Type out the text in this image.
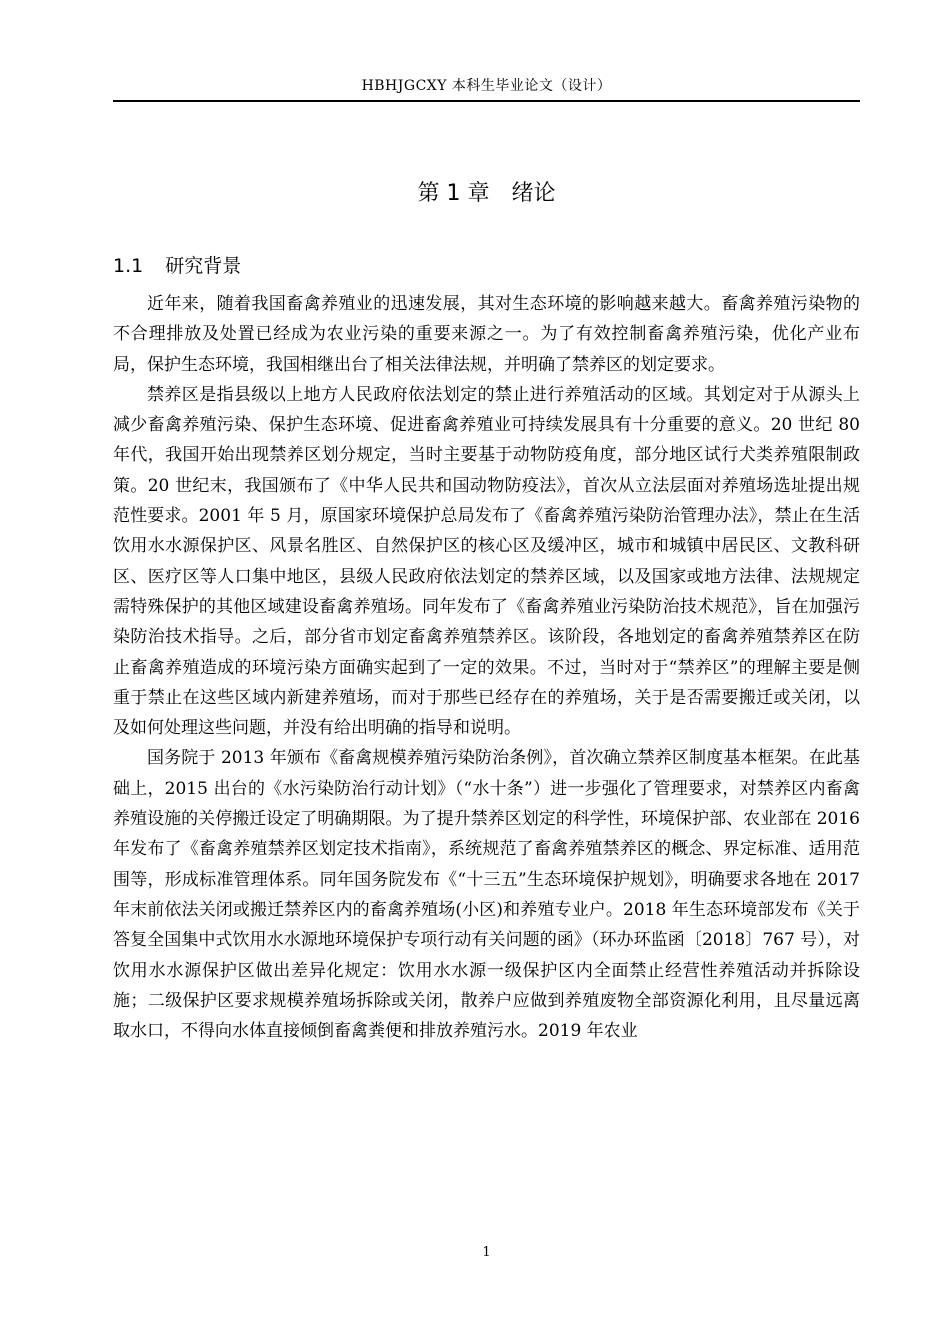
HBHJGCXY 本科生毕业论文（设计）
第 1 章 绪论
1.1 研究背景

近年来，随着我国畜禽养殖业的迅速发展，其对生态环境的影响越来越大。畜禽养殖污染物的不合理排放及处置已经成为农业污染的重要来源之一。为了有效控制畜禽养殖污染，优化产业布局，保护生态环境，我国相继出台了相关法律法规，并明确了禁养区的划定要求。

禁养区是指县级以上地方人民政府依法划定的禁止进行养殖活动的区域。其划定对于从源头上减少畜禽养殖污染、保护生态环境、促进畜禽养殖业可持续发展具有十分重要的意义。20 世纪 80 年代，我国开始出现禁养区划分规定，当时主要基于动物防疫角度，部分地区试行犬类养殖限制政策。20 世纪末，我国颁布了《中华人民共和国动物防疫法》，首次从立法层面对养殖场选址提出规范性要求。2001 年 5 月，原国家环境保护总局发布了《畜禽养殖污染防治管理办法》，禁止在生活饮用水水源保护区、风景名胜区、自然保护区的核心区及缓冲区，城市和城镇中居民区、文教科研区、医疗区等人口集中地区，县级人民政府依法划定的禁养区域，以及国家或地方法律、法规规定需特殊保护的其他区域建设畜禽养殖场。同年发布了《畜禽养殖业污染防治技术规范》，旨在加强污染防治技术指导。之后，部分省市划定畜禽养殖禁养区。该阶段，各地划定的畜禽养殖禁养区在防止畜禽养殖造成的环境污染方面确实起到了一定的效果。不过，当时对于“禁养区”的理解主要是侧重于禁止在这些区域内新建养殖场，而对于那些已经存在的养殖场，关于是否需要搬迁或关闭，以及如何处理这些问题，并没有给出明确的指导和说明。

国务院于 2013 年颁布《畜禽规模养殖污染防治条例》，首次确立禁养区制度基本框架。在此基础上，2015 出台的《水污染防治行动计划》（“水十条”）进一步强化了管理要求，对禁养区内畜禽养殖设施的关停搬迁设定了明确期限。为了提升禁养区划定的科学性，环境保护部、农业部在 2016 年发布了《畜禽养殖禁养区划定技术指南》，系统规范了畜禽养殖禁养区的概念、界定标准、适用范围等，形成标准管理体系。同年国务院发布《“十三五”生态环境保护规划》，明确要求各地在 2017 年末前依法关闭或搬迁禁养区内的畜禽养殖场(小区)和养殖专业户。2018 年生态环境部发布《关于答复全国集中式饮用水水源地环境保护专项行动有关问题的函》（环办环监函〔2018〕767 号），对饮用水水源保护区做出差异化规定：饮用水水源一级保护区内全面禁止经营性养殖活动并拆除设施；二级保护区要求规模养殖场拆除或关闭，散养户应做到养殖废物全部资源化利用，且尽量远离取水口，不得向水体直接倾倒畜禽粪便和排放养殖污水。2019 年农业

1
